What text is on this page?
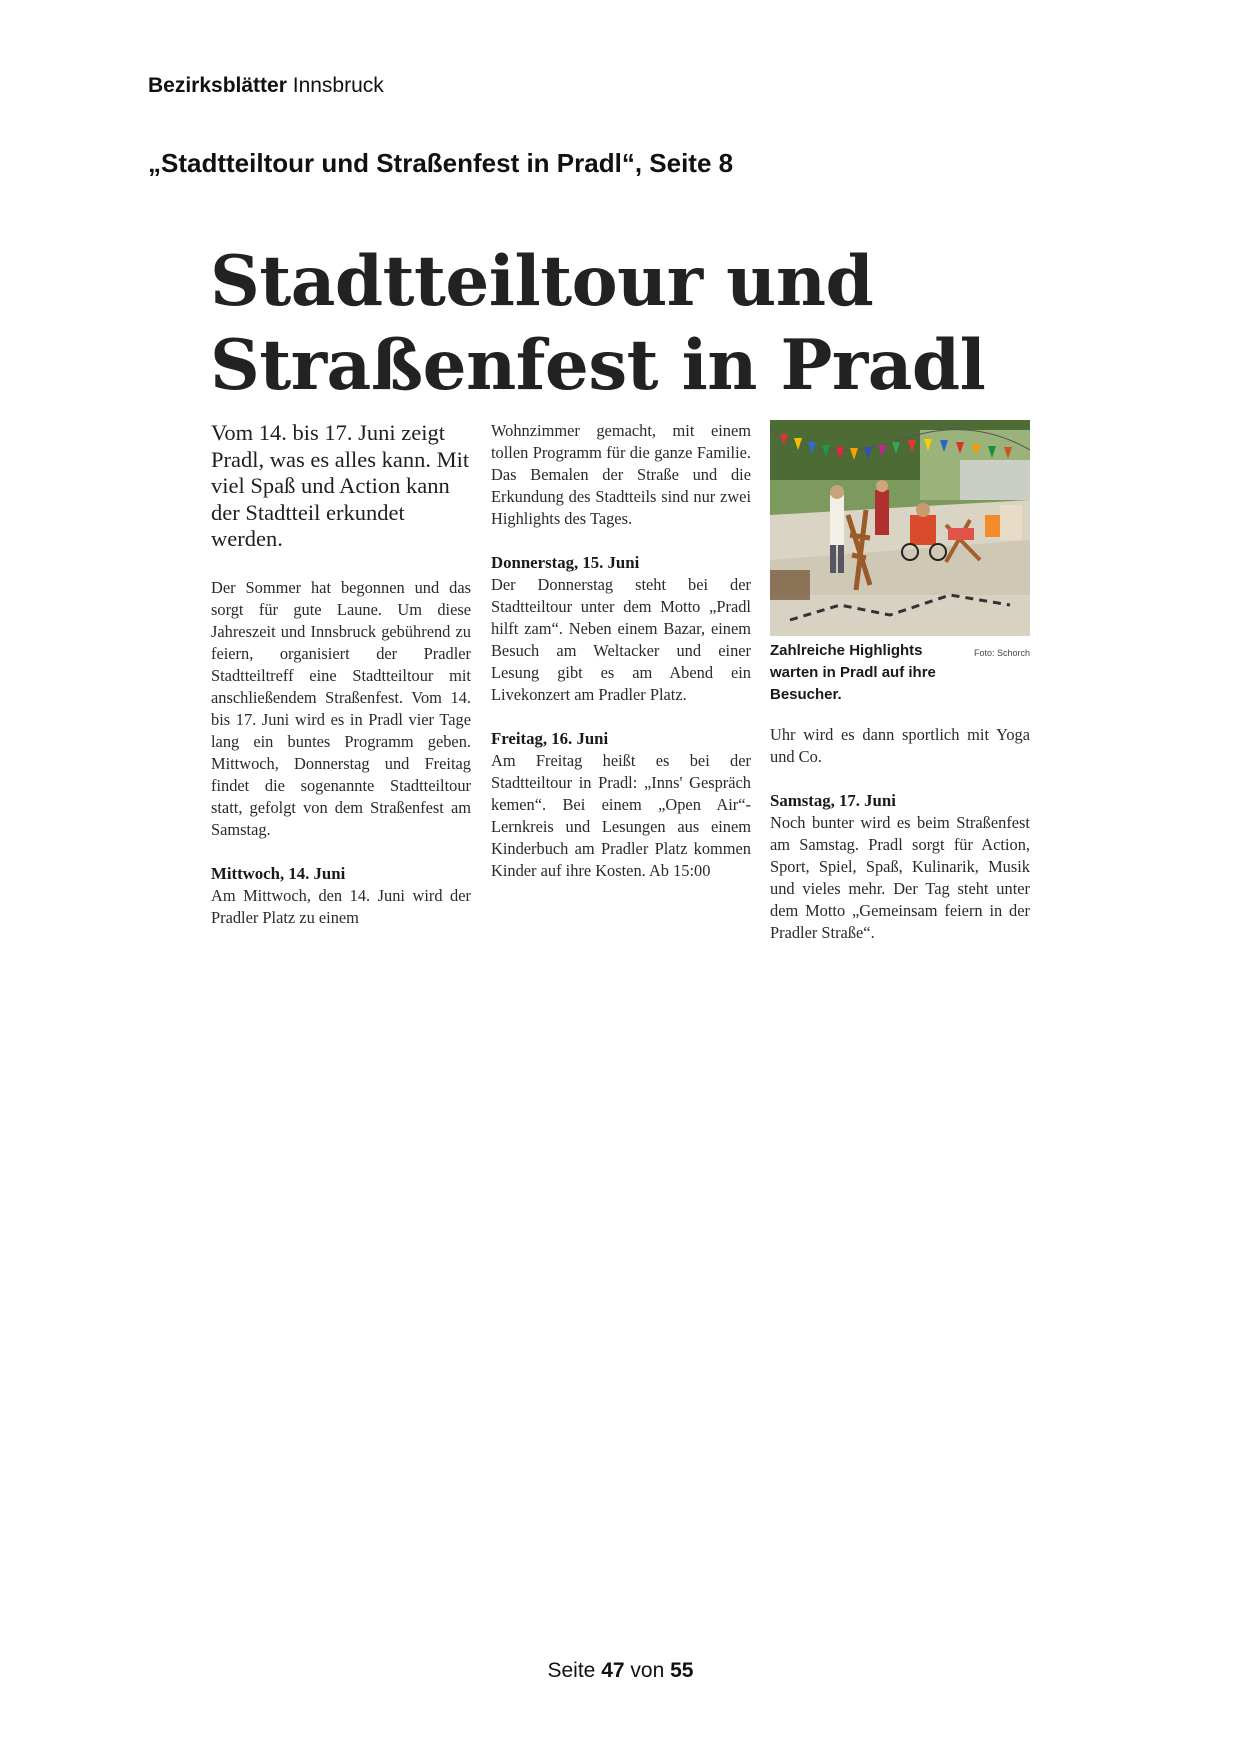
Bezirksblätter Innsbruck
„Stadtteiltour und Straßenfest in Pradl“, Seite 8
Stadtteiltour und
Straßenfest in Pradl

Vom 14. bis 17. Juni zeigt Pradl, was es alles kann. Mit viel Spaß und Action kann der Stadtteil erkundet werden.

Der Sommer hat begonnen und das sorgt für gute Laune. Um diese Jahreszeit und Innsbruck gebührend zu feiern, organisiert der Pradler Stadtteiltreff eine Stadtteiltour mit anschließendem Straßenfest. Vom 14. bis 17. Juni wird es in Pradl vier Tage lang ein buntes Programm geben. Mittwoch, Donnerstag und Freitag findet die sogenannte Stadtteiltour statt, gefolgt von dem Straßenfest am Samstag.

Mittwoch, 14. Juni

Am Mittwoch, den 14. Juni wird der Pradler Platz zu einem

Wohnzimmer gemacht, mit einem tollen Programm für die ganze Familie. Das Bemalen der Straße und die Erkundung des Stadtteils sind nur zwei Highlights des Tages.

Donnerstag, 15. Juni

Der Donnerstag steht bei der Stadtteiltour unter dem Motto „Pradl hilft zam“. Neben einem Bazar, einem Besuch am Weltacker und einer Lesung gibt es am Abend ein Livekonzert am Pradler Platz.

Freitag, 16. Juni

Am Freitag heißt es bei der Stadtteiltour in Pradl: „Inns' Gespräch kemen“. Bei einem „Open Air“-Lernkreis und Lesungen aus einem Kinderbuch am Pradler Platz kommen Kinder auf ihre Kosten. Ab 15:00

Foto: Schorch
Zahlreiche Highlights warten in Pradl auf ihre Besucher.

Uhr wird es dann sportlich mit Yoga und Co.

Samstag, 17. Juni

Noch bunter wird es beim Straßenfest am Samstag. Pradl sorgt für Action, Sport, Spiel, Spaß, Kulinarik, Musik und vieles mehr. Der Tag steht unter dem Motto „Gemeinsam feiern in der Pradler Straße“.

Seite 47 von 55
